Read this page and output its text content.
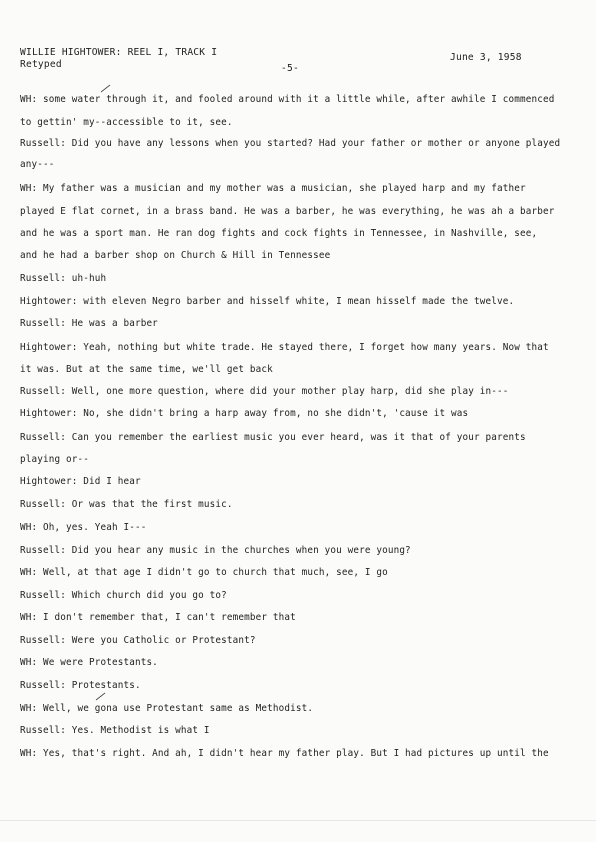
WILLIE HIGHTOWER: REEL I, TRACK I
Retyped	-5-
June 3, 1958
WH: some water through it, and fooled around with it a little while, after awhile I commenced
to gettin' my--accessible to it, see.
Russell: Did you have any lessons when you started? Had your father or mother or anyone played
any---
WH: My father was a musician and my mother was a musician, she played harp and my father
played E flat cornet, in a brass band. He was a barber, he was everything, he was ah a barber
and he was a sport man. He ran dog fights and cock fights in Tennessee, in Nashville, see,
and he had a barber shop on Church & Hill in Tennessee
Russell: uh-huh
Hightower: with eleven Negro barber and hisself white, I mean hisself made the twelve.
Russell: He was a barber
Hightower: Yeah, nothing but white trade. He stayed there, I forget how many years. Now that
it was. But at the same time, we'll get back
Russell: Well, one more question, where did your mother play harp, did she play in---
Hightower: No, she didn't bring a harp away from, no she didn't, 'cause it was
Russell: Can you remember the earliest music you ever heard, was it that of your parents
playing or--
Hightower: Did I hear
Russell: Or was that the first music.
WH: Oh, yes. Yeah I---
Russell: Did you hear any music in the churches when you were young?
WH: Well, at that age I didn't go to church that much, see, I go
Russell: Which church did you go to?
WH: I don't remember that, I can't remember that
Russell: Were you Catholic or Protestant?
WH: We were Protestants.
Russell: Protestants.
WH: Well, we gona use Protestant same as Methodist.
Russell: Yes. Methodist is what I
WH: Yes, that's right. And ah, I didn't hear my father play. But I had pictures up until the
